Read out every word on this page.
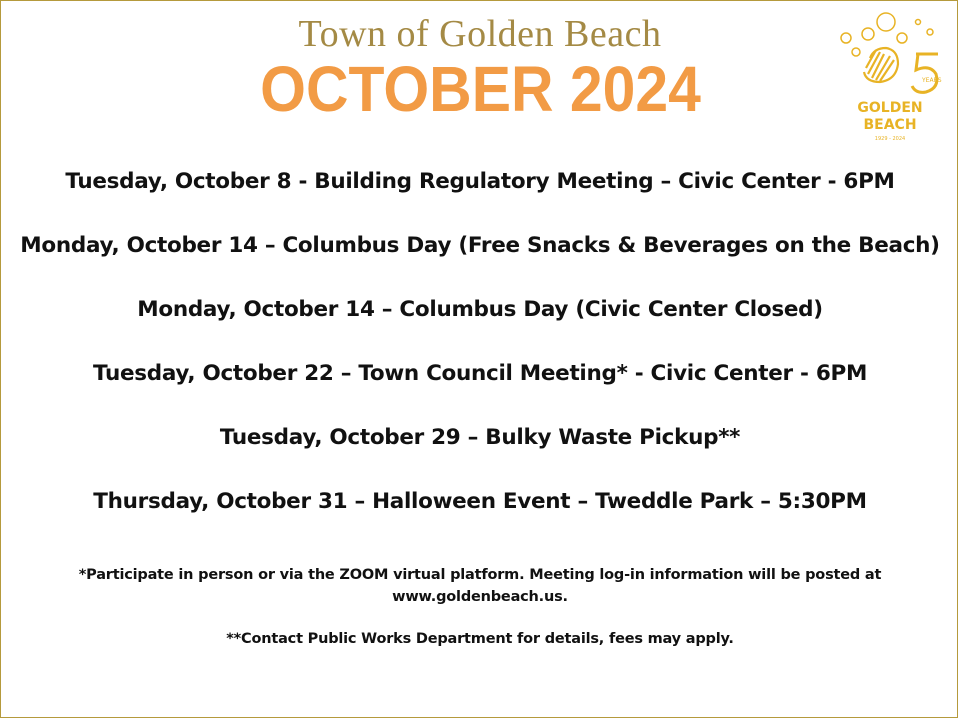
Town of Golden Beach
OCTOBER 2024	YEARS
GOLDEN
BEACH
1929 - 2024
Tuesday, October 8 - Building Regulatory Meeting – Civic Center - 6PM
Monday, October 14 – Columbus Day (Free Snacks & Beverages on the Beach)
Monday, October 14 – Columbus Day (Civic Center Closed)
Tuesday, October 22 – Town Council Meeting* - Civic Center - 6PM
Tuesday, October 29 – Bulky Waste Pickup**
Thursday, October 31 – Halloween Event – Tweddle Park – 5:30PM
*Participate in person or via the ZOOM virtual platform. Meeting log-in information will be posted at www.goldenbeach.us.
**Contact Public Works Department for details, fees may apply.
